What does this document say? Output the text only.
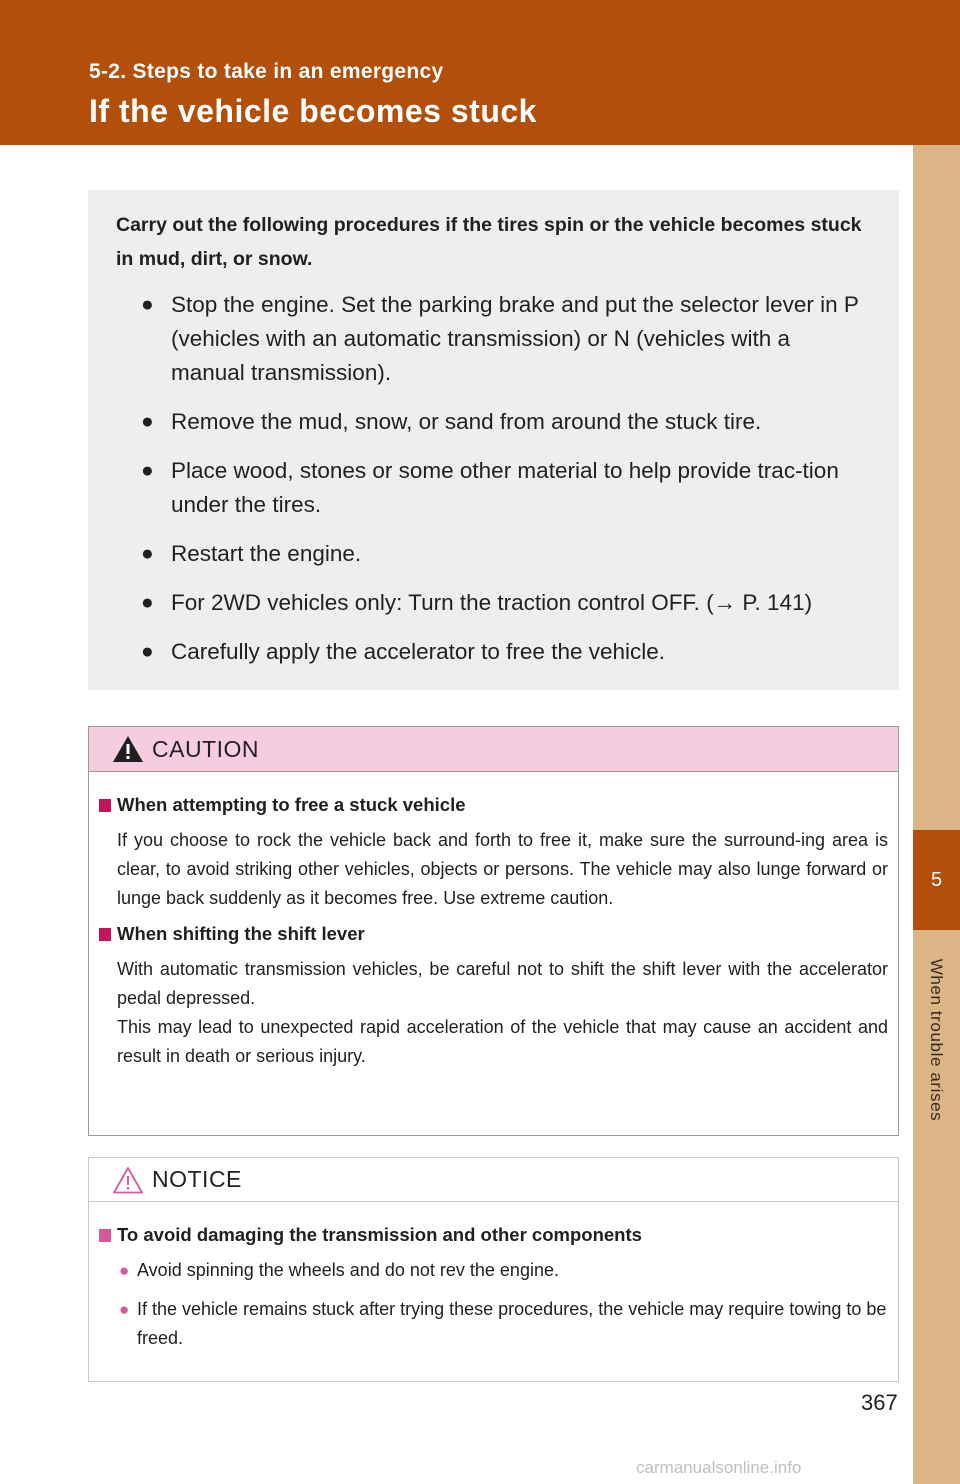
5-2. Steps to take in an emergency
If the vehicle becomes stuck
5
When trouble arises

Carry out the following procedures if the tires spin or the vehicle becomes stuck in mud, dirt, or snow.

● Stop the engine. Set the parking brake and put the selector lever in P (vehicles with an automatic transmission) or N (vehicles with a manual transmission).
● Remove the mud, snow, or sand from around the stuck tire.
● Place wood, stones or some other material to help provide trac-tion under the tires.
● Restart the engine.
● For 2WD vehicles only: Turn the traction control OFF. (→ P. 141)
● Carefully apply the accelerator to free the vehicle.
CAUTION
When attempting to free a stuck vehicle

If you choose to rock the vehicle back and forth to free it, make sure the surround-ing area is clear, to avoid striking other vehicles, objects or persons. The vehicle may also lunge forward or lunge back suddenly as it becomes free. Use extreme caution.

When shifting the shift lever

With automatic transmission vehicles, be careful not to shift the shift lever with the accelerator pedal depressed.

This may lead to unexpected rapid acceleration of the vehicle that may cause an accident and result in death or serious injury.

NOTICE
To avoid damaging the transmission and other components
● Avoid spinning the wheels and do not rev the engine.
● If the vehicle remains stuck after trying these procedures, the vehicle may require towing to be freed.
367
carmanualsonline.info
